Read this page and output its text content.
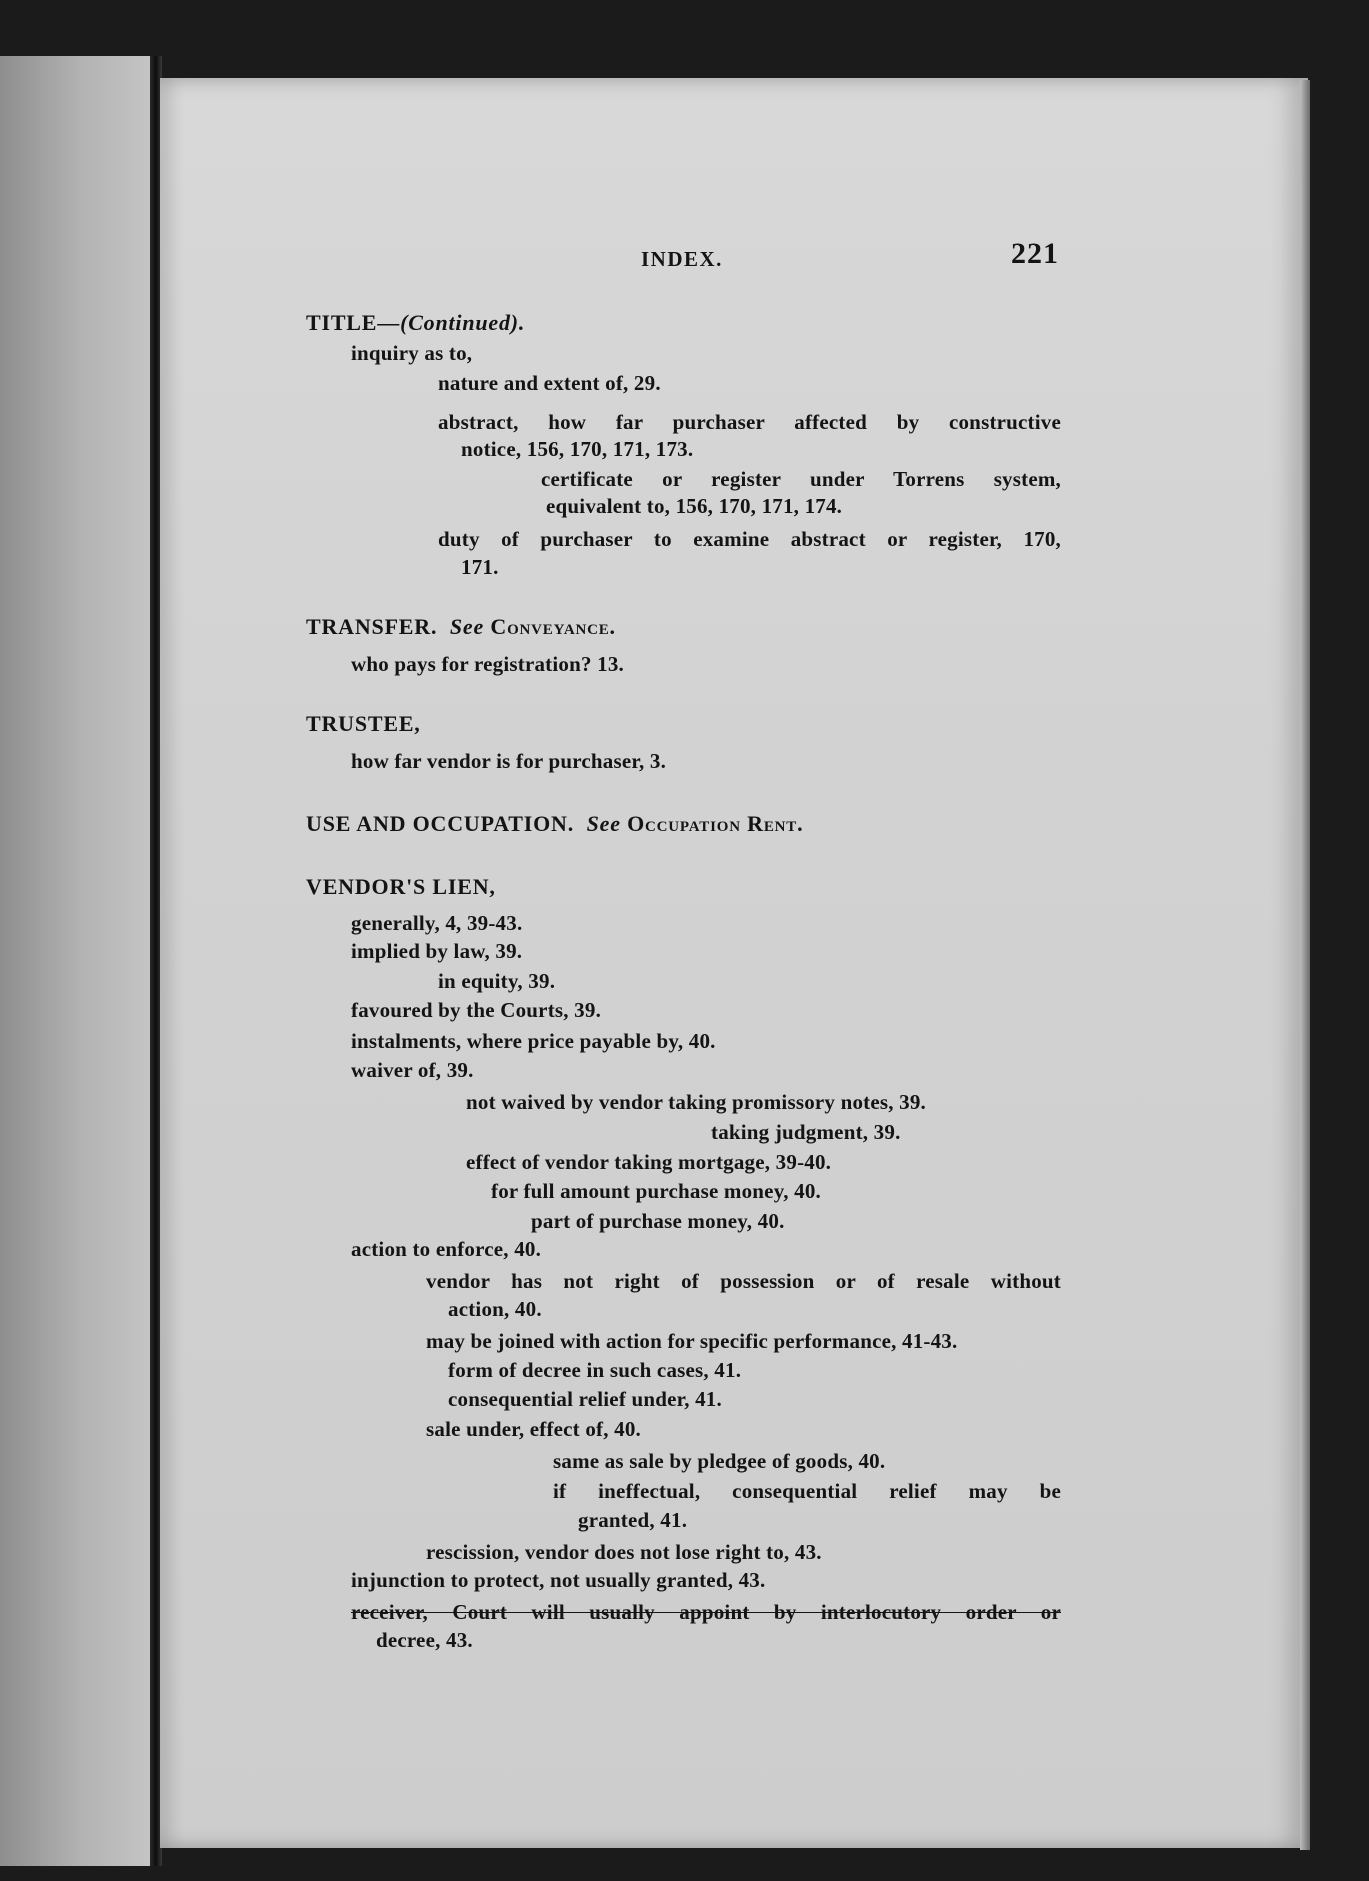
INDEX.	221
TITLE—(Continued).
inquiry as to,
nature and extent of, 29.
abstract, how far purchaser affected by constructive
notice, 156, 170, 171, 173.
certificate or register under Torrens system,
equivalent to, 156, 170, 171, 174.
duty of purchaser to examine abstract or register, 170,
171.
TRANSFER. See Conveyance.
who pays for registration? 13.
TRUSTEE,
how far vendor is for purchaser, 3.
USE AND OCCUPATION. See Occupation Rent.
VENDOR'S LIEN,
generally, 4, 39-43.
implied by law, 39.
in equity, 39.
favoured by the Courts, 39.
instalments, where price payable by, 40.
waiver of, 39.
not waived by vendor taking promissory notes, 39.
taking judgment, 39.
effect of vendor taking mortgage, 39-40.
for full amount purchase money, 40.
part of purchase money, 40.
action to enforce, 40.
vendor has not right of possession or of resale without
action, 40.
may be joined with action for specific performance, 41-43.
form of decree in such cases, 41.
consequential relief under, 41.
sale under, effect of, 40.
same as sale by pledgee of goods, 40.
if ineffectual, consequential relief may be
granted, 41.
rescission, vendor does not lose right to, 43.
injunction to protect, not usually granted, 43.
receiver, Court will usually appoint by interlocutory order or
decree, 43.
